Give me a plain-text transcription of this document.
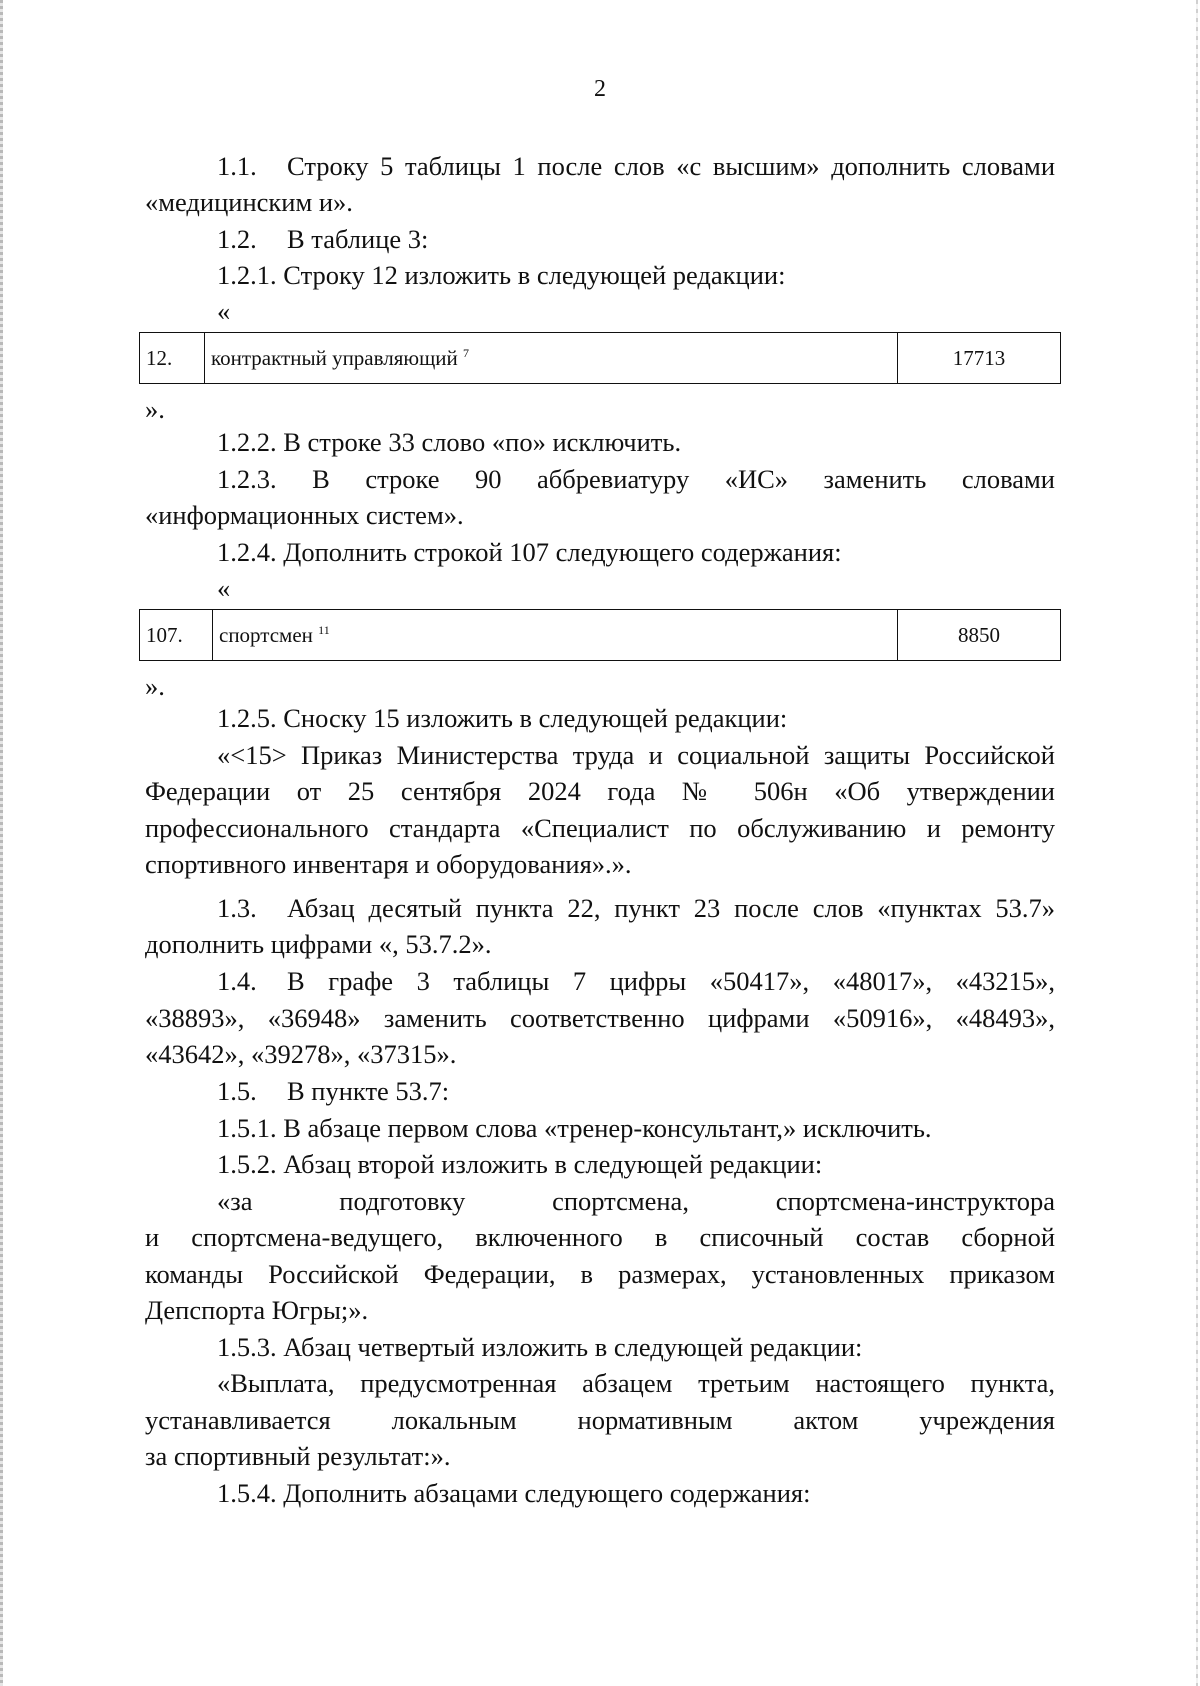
2
1.1. Строку 5 таблицы 1 после слов «с высшим» дополнить словами
«медицинским и».
1.2. В таблице 3:
1.2.1. Строку 12 изложить в следующей редакции:
«
12.	контрактный управляющий $^7$	17713
».
1.2.2. В строке 33 слово «по» исключить.
1.2.3. В строке 90 аббревиатуру «ИС» заменить словами
«информационных систем».
1.2.4. Дополнить строкой 107 следующего содержания:
«
107.	спортсмен $^{11}$	8850
».
1.2.5. Сноску 15 изложить в следующей редакции:
«<15> Приказ Министерства труда и социальной защиты Российской
Федерации от 25 сентября 2024 года № 506н «Об утверждении
профессионального стандарта «Специалист по обслуживанию и ремонту
спортивного инвентаря и оборудования».».
1.3. Абзац десятый пункта 22, пункт 23 после слов «пунктах 53.7»
дополнить цифрами «, 53.7.2».
1.4. В графе 3 таблицы 7 цифры «50417», «48017», «43215»,
«38893», «36948» заменить соответственно цифрами «50916», «48493»,
«43642», «39278», «37315».
1.5. В пункте 53.7:
1.5.1. В абзаце первом слова «тренер-консультант,» исключить.
1.5.2. Абзац второй изложить в следующей редакции:
«за подготовку спортсмена, спортсмена-инструктора
и спортсмена-ведущего, включенного в списочный состав сборной
команды Российской Федерации, в размерах, установленных приказом
Депспорта Югры;».
1.5.3. Абзац четвертый изложить в следующей редакции:
«Выплата, предусмотренная абзацем третьим настоящего пункта,
устанавливается локальным нормативным актом учреждения
за спортивный результат:».
1.5.4. Дополнить абзацами следующего содержания:
